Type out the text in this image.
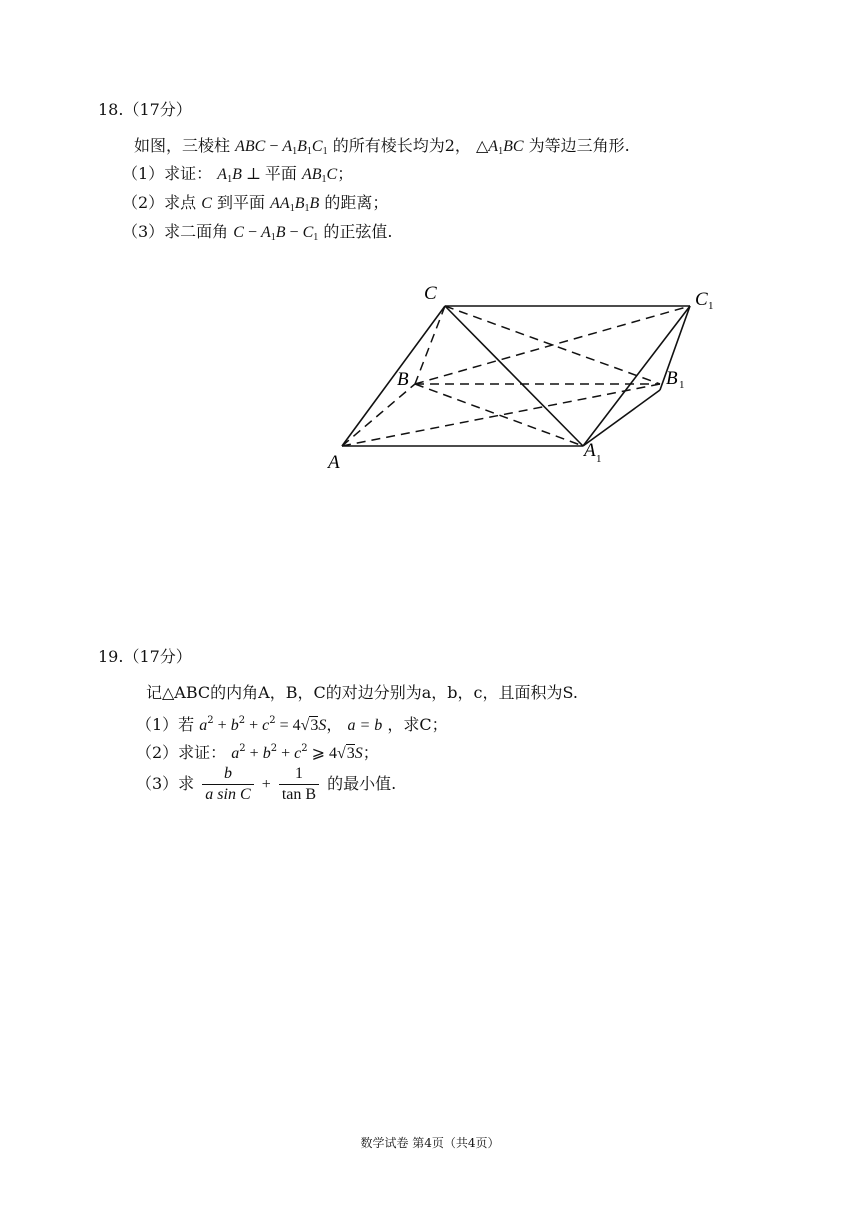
18.（17分）
如图，三棱柱 ABC − $A_1B_1C_1$ 的所有棱长均为2， $\triangle A_1BC$ 为等边三角形.
（1）求证： $A_1B$ ⊥ 平面 $AB_1C$；
（2）求点 C 到平面 $AA_1B_1B$ 的距离；
（3）求二面角 $C - A_1B - C_1$ 的正弦值.
C	C 1
B	B 1
A
A 1
19.（17分）
记△ABC的内角A，B，C的对边分别为a，b，c，且面积为S.
（1）若 $a^2 + b^2 + c^2 = 4√3S$， a = b ，求C；
（2）求证： $a^2 + b^2 + c^2$ ⩾ 4√3S；
（3）求 $\frac{b}{\text{a sin C}} + \frac{1}{\text{tan B}}$ 的最小值.
数学试卷 第4页（共4页）
